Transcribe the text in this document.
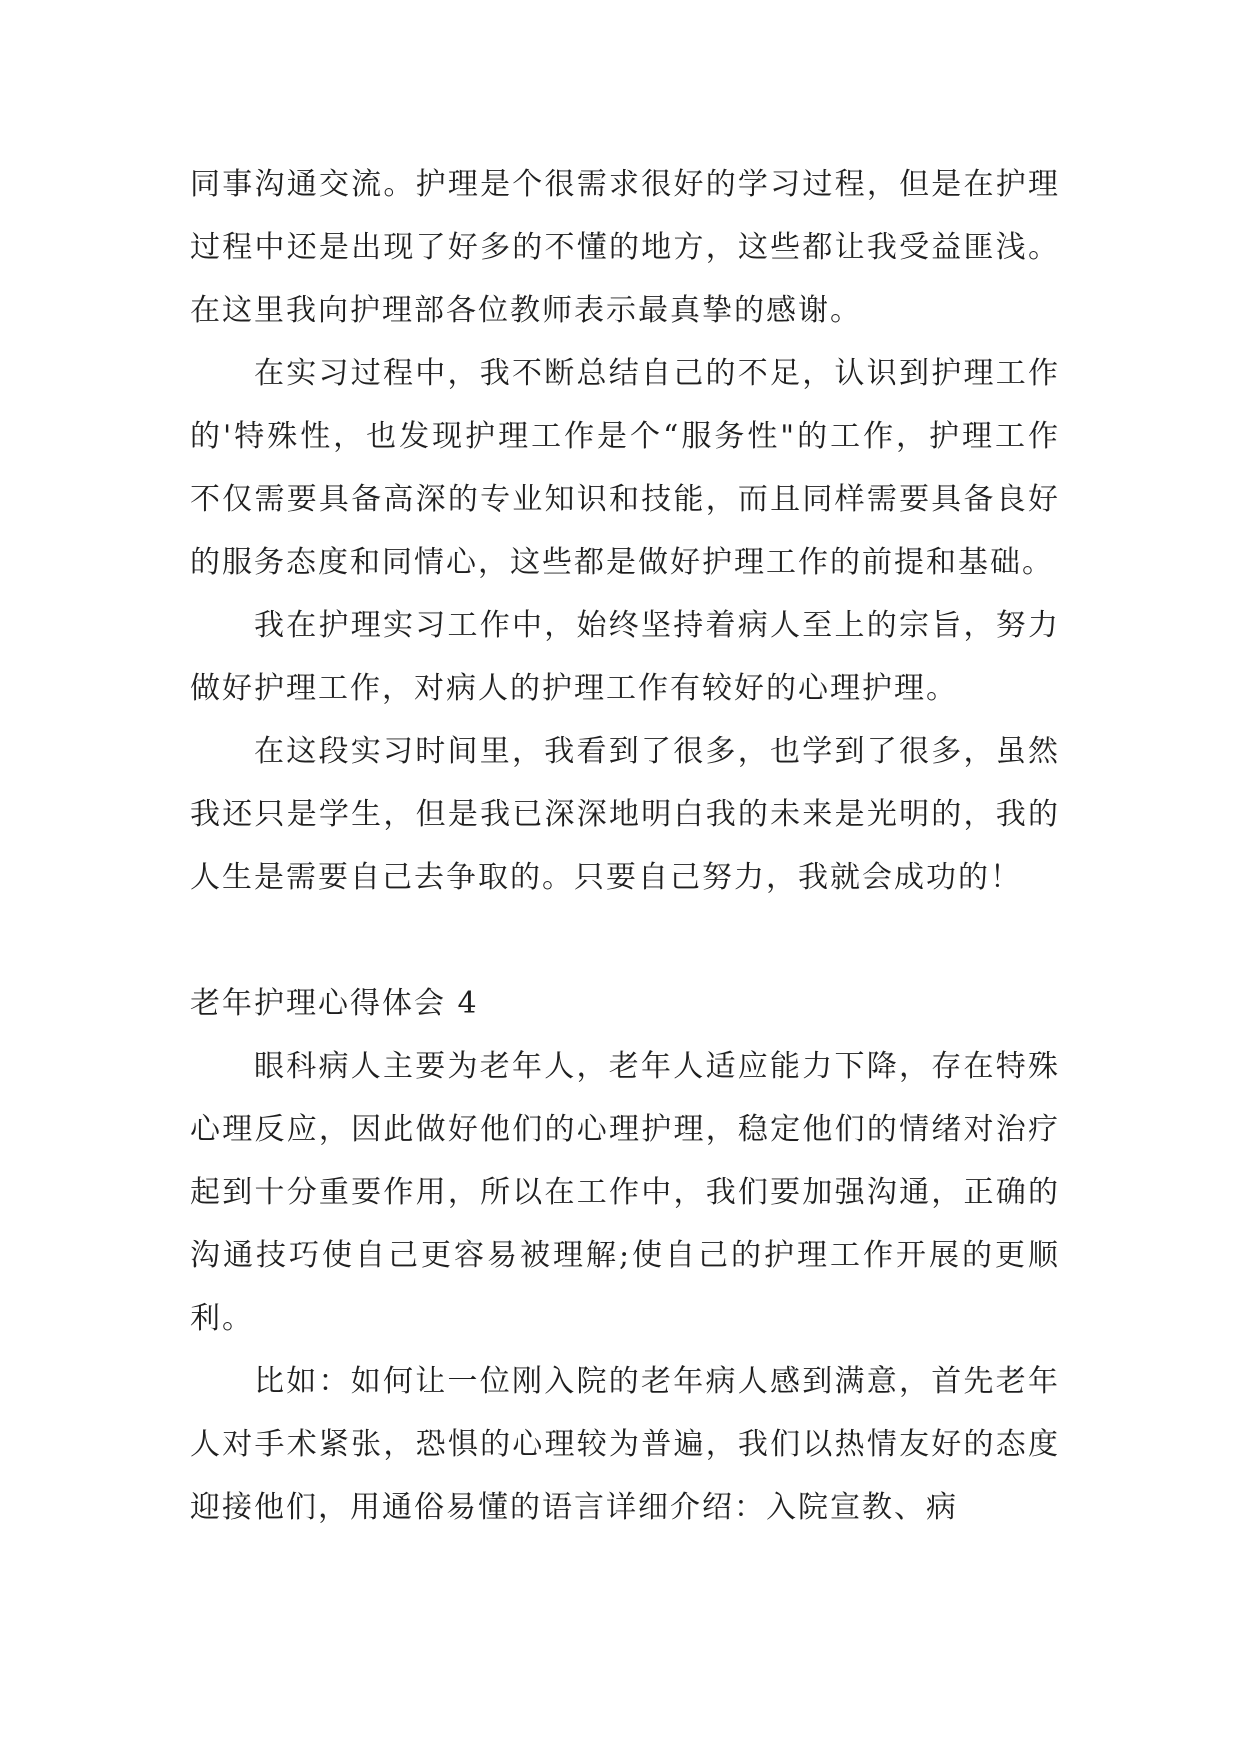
同事沟通交流。护理是个很需求很好的学习过程，但是在护理过程中还是出现了好多的不懂的地方，这些都让我受益匪浅。在这里我向护理部各位教师表示最真挚的感谢。

在实习过程中，我不断总结自己的不足，认识到护理工作的'特殊性，也发现护理工作是个“服务性"的工作，护理工作不仅需要具备高深的专业知识和技能，而且同样需要具备良好的服务态度和同情心，这些都是做好护理工作的前提和基础。

我在护理实习工作中，始终坚持着病人至上的宗旨，努力做好护理工作，对病人的护理工作有较好的心理护理。

在这段实习时间里，我看到了很多，也学到了很多，虽然我还只是学生，但是我已深深地明白我的未来是光明的，我的人生是需要自己去争取的。只要自己努力，我就会成功的！

老年护理心得体会 4

眼科病人主要为老年人，老年人适应能力下降，存在特殊心理反应，因此做好他们的心理护理，稳定他们的情绪对治疗起到十分重要作用，所以在工作中，我们要加强沟通，正确的沟通技巧使自己更容易被理解;使自己的护理工作开展的更顺利。

比如：如何让一位刚入院的老年病人感到满意，首先老年人对手术紧张，恐惧的心理较为普遍，我们以热情友好的态度迎接他们，用通俗易懂的语言详细介绍：入院宣教、病
